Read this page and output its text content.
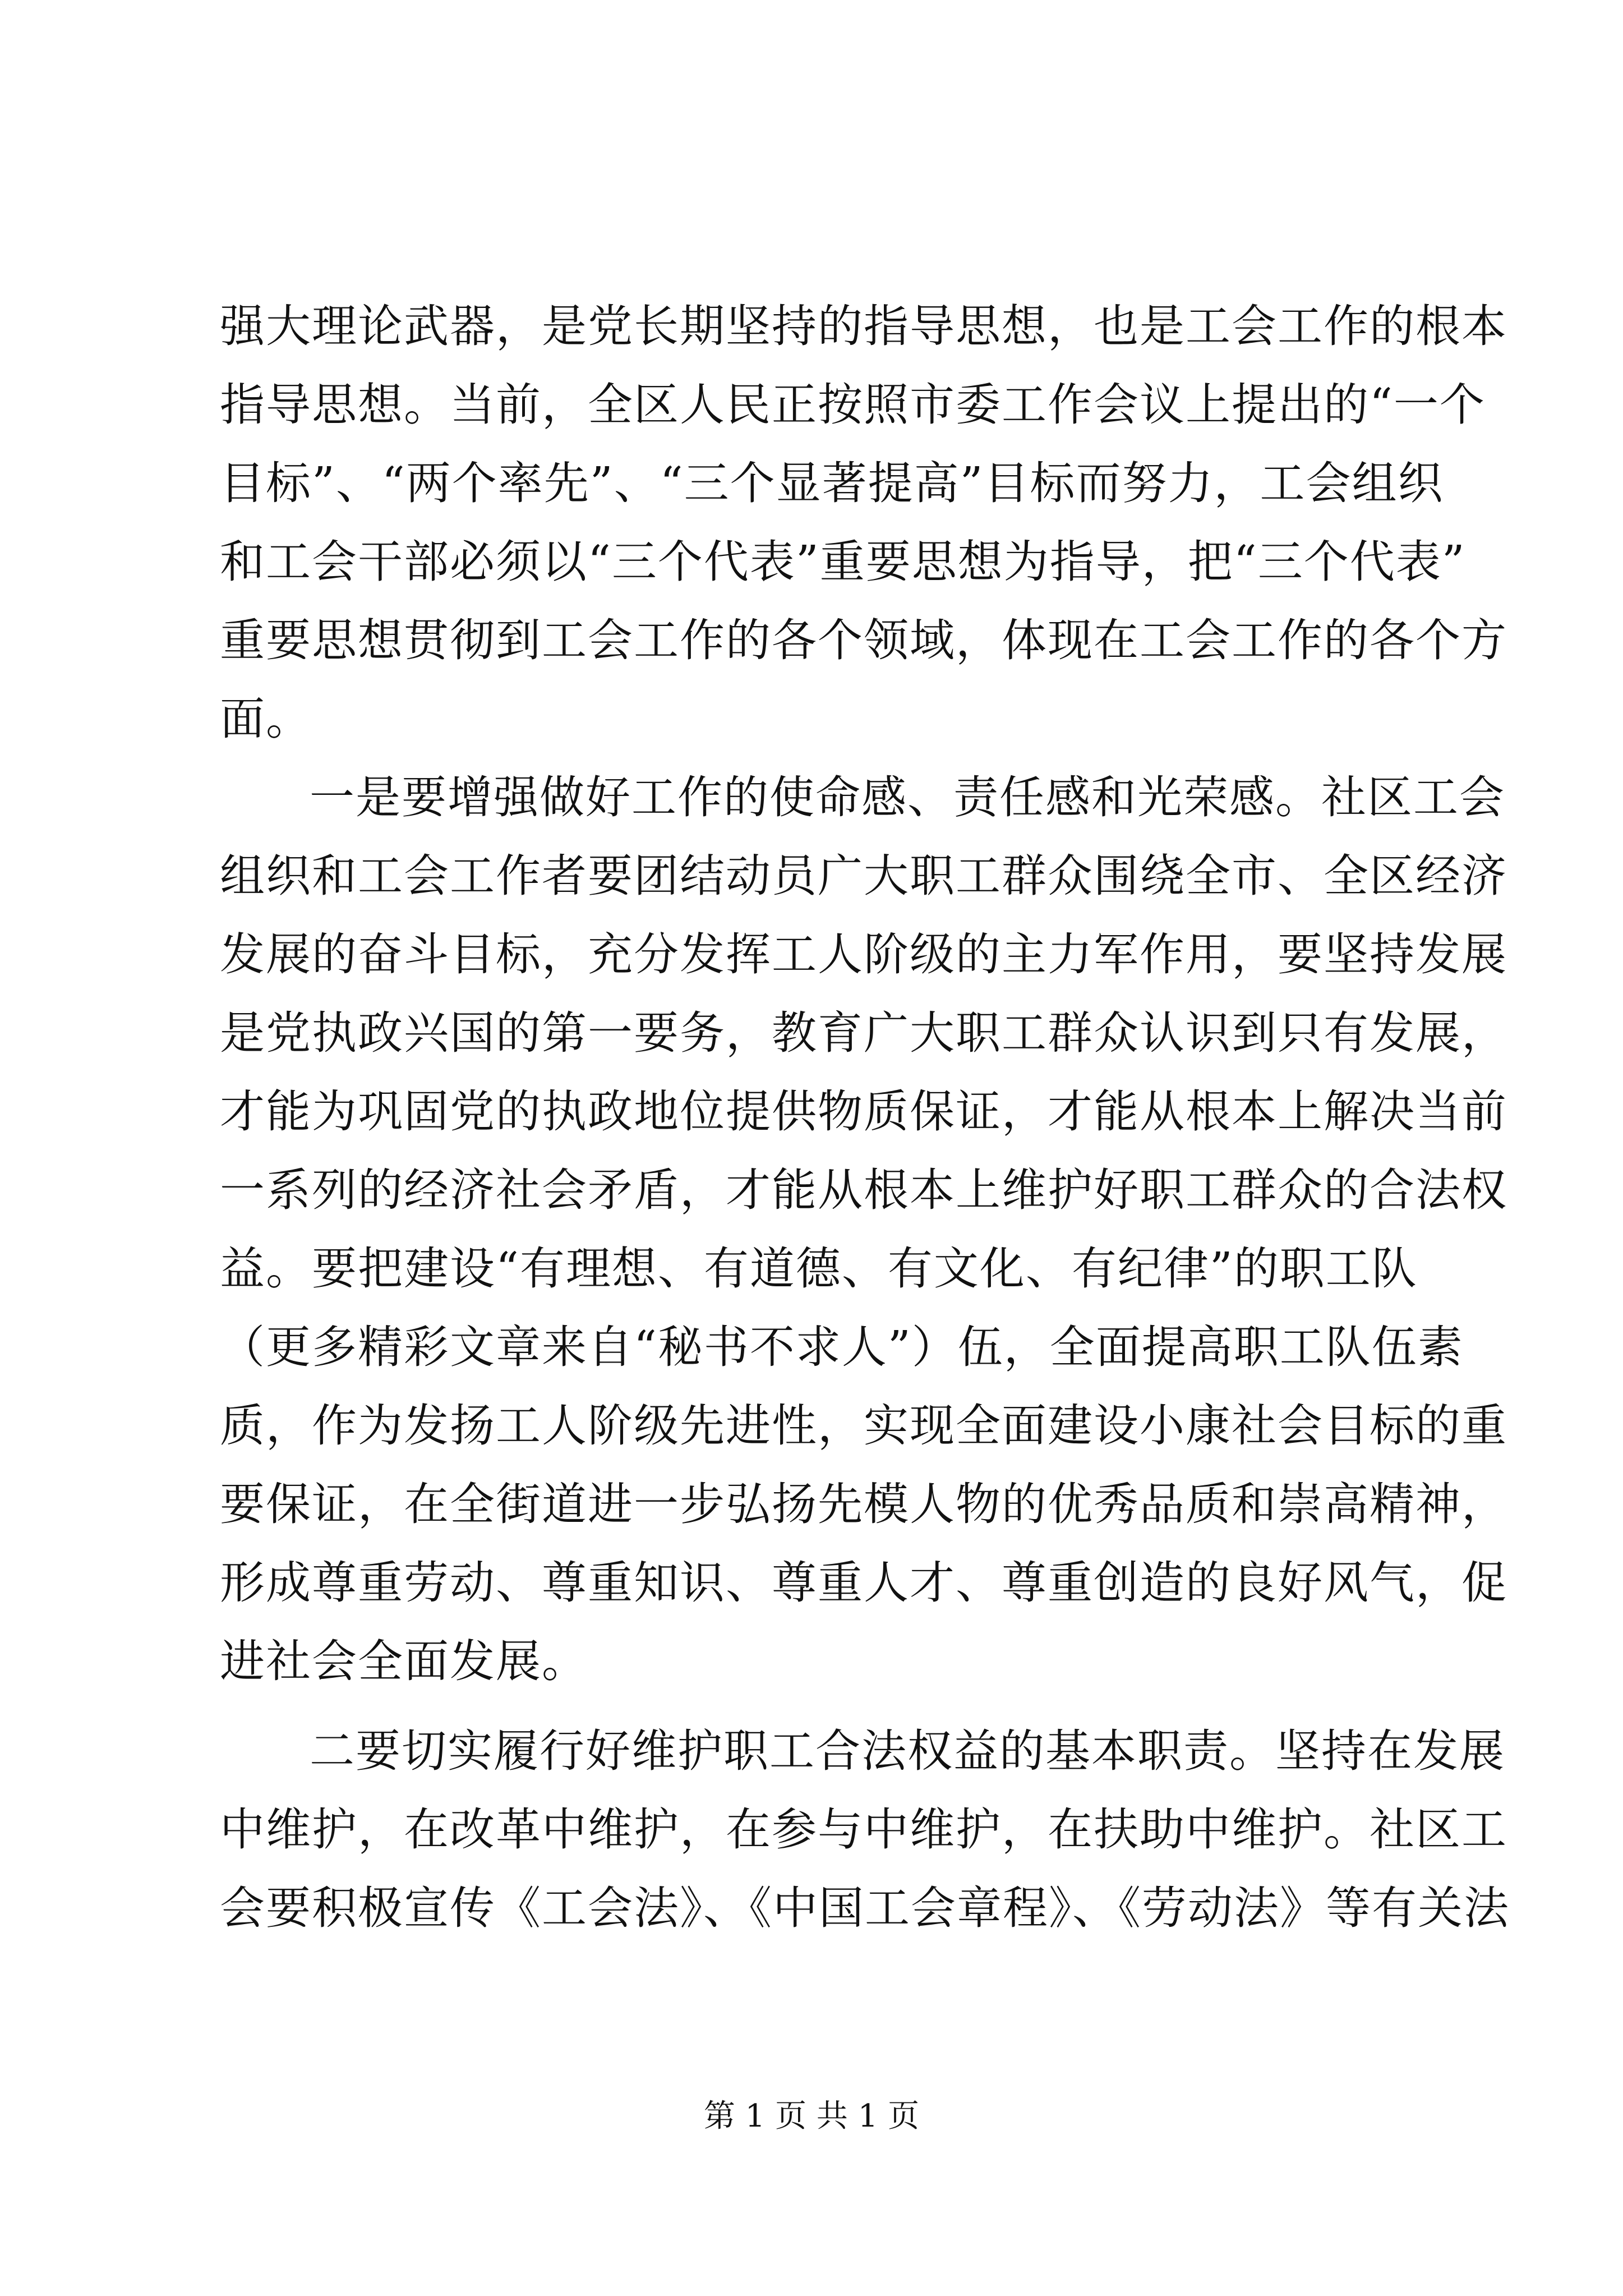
强大理论武器，是党长期坚持的指导思想，也是工会工作的根本
指导思想。当前，全区人民正按照市委工作会议上提出的“一个
目标”、“两个率先”、“三个显著提高”目标而努力，工会组织
和工会干部必须以“三个代表”重要思想为指导，把“三个代表”
重要思想贯彻到工会工作的各个领域，体现在工会工作的各个方
面。
一是要增强做好工作的使命感、责任感和光荣感。社区工会
组织和工会工作者要团结动员广大职工群众围绕全市、全区经济
发展的奋斗目标，充分发挥工人阶级的主力军作用，要坚持发展
是党执政兴国的第一要务，教育广大职工群众认识到只有发展，
才能为巩固党的执政地位提供物质保证，才能从根本上解决当前
一系列的经济社会矛盾，才能从根本上维护好职工群众的合法权
益。要把建设“有理想、有道德、有文化、有纪律”的职工队
（更多精彩文章来自“秘书不求人”）伍，全面提高职工队伍素
质，作为发扬工人阶级先进性，实现全面建设小康社会目标的重
要保证，在全街道进一步弘扬先模人物的优秀品质和崇高精神，
形成尊重劳动、尊重知识、尊重人才、尊重创造的良好风气，促
进社会全面发展。
二要切实履行好维护职工合法权益的基本职责。坚持在发展
中维护，在改革中维护，在参与中维护，在扶助中维护。社区工
会要积极宣传《工会法》、《中国工会章程》、《劳动法》等有关法
第 1 页 共 1 页
